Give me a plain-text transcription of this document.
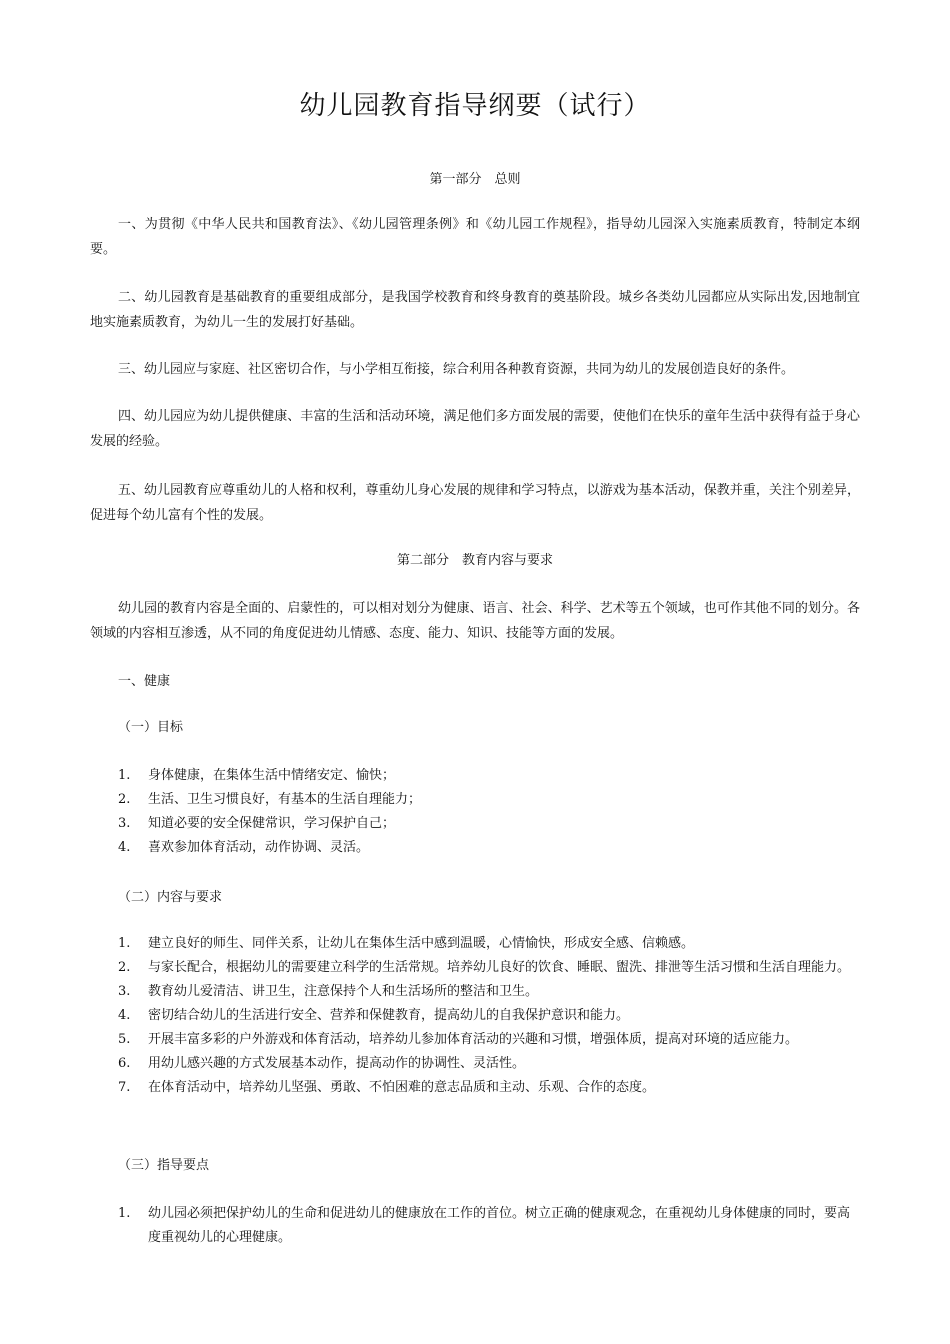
幼儿园教育指导纲要（试行）
第一部分　总则
一、为贯彻《中华人民共和国教育法》、《幼儿园管理条例》和《幼儿园工作规程》，指导幼儿园深入实施素质教育，特制定本纲要。
二、幼儿园教育是基础教育的重要组成部分，是我国学校教育和终身教育的奠基阶段。城乡各类幼儿园都应从实际出发,因地制宜地实施素质教育，为幼儿一生的发展打好基础。
三、幼儿园应与家庭、社区密切合作，与小学相互衔接，综合利用各种教育资源，共同为幼儿的发展创造良好的条件。
四、幼儿园应为幼儿提供健康、丰富的生活和活动环境，满足他们多方面发展的需要，使他们在快乐的童年生活中获得有益于身心发展的经验。
五、幼儿园教育应尊重幼儿的人格和权利，尊重幼儿身心发展的规律和学习特点，以游戏为基本活动，保教并重，关注个别差异，促进每个幼儿富有个性的发展。
第二部分　教育内容与要求
幼儿园的教育内容是全面的、启蒙性的，可以相对划分为健康、语言、社会、科学、艺术等五个领域，也可作其他不同的划分。各领域的内容相互渗透，从不同的角度促进幼儿情感、态度、能力、知识、技能等方面的发展。
一、健康
（一）目标
1. 身体健康，在集体生活中情绪安定、愉快；
2. 生活、卫生习惯良好，有基本的生活自理能力；
3. 知道必要的安全保健常识，学习保护自己；
4. 喜欢参加体育活动，动作协调、灵活。
（二）内容与要求
1. 建立良好的师生、同伴关系，让幼儿在集体生活中感到温暖，心情愉快，形成安全感、信赖感。
2. 与家长配合，根据幼儿的需要建立科学的生活常规。培养幼儿良好的饮食、睡眠、盥洗、排泄等生活习惯和生活自理能力。
3. 教育幼儿爱清洁、讲卫生，注意保持个人和生活场所的整洁和卫生。
4. 密切结合幼儿的生活进行安全、营养和保健教育，提高幼儿的自我保护意识和能力。
5. 开展丰富多彩的户外游戏和体育活动，培养幼儿参加体育活动的兴趣和习惯，增强体质，提高对环境的适应能力。
6. 用幼儿感兴趣的方式发展基本动作，提高动作的协调性、灵活性。
7. 在体育活动中，培养幼儿坚强、勇敢、不怕困难的意志品质和主动、乐观、合作的态度。
（三）指导要点
1. 幼儿园必须把保护幼儿的生命和促进幼儿的健康放在工作的首位。树立正确的健康观念，在重视幼儿身体健康的同时，要高度重视幼儿的心理健康。
